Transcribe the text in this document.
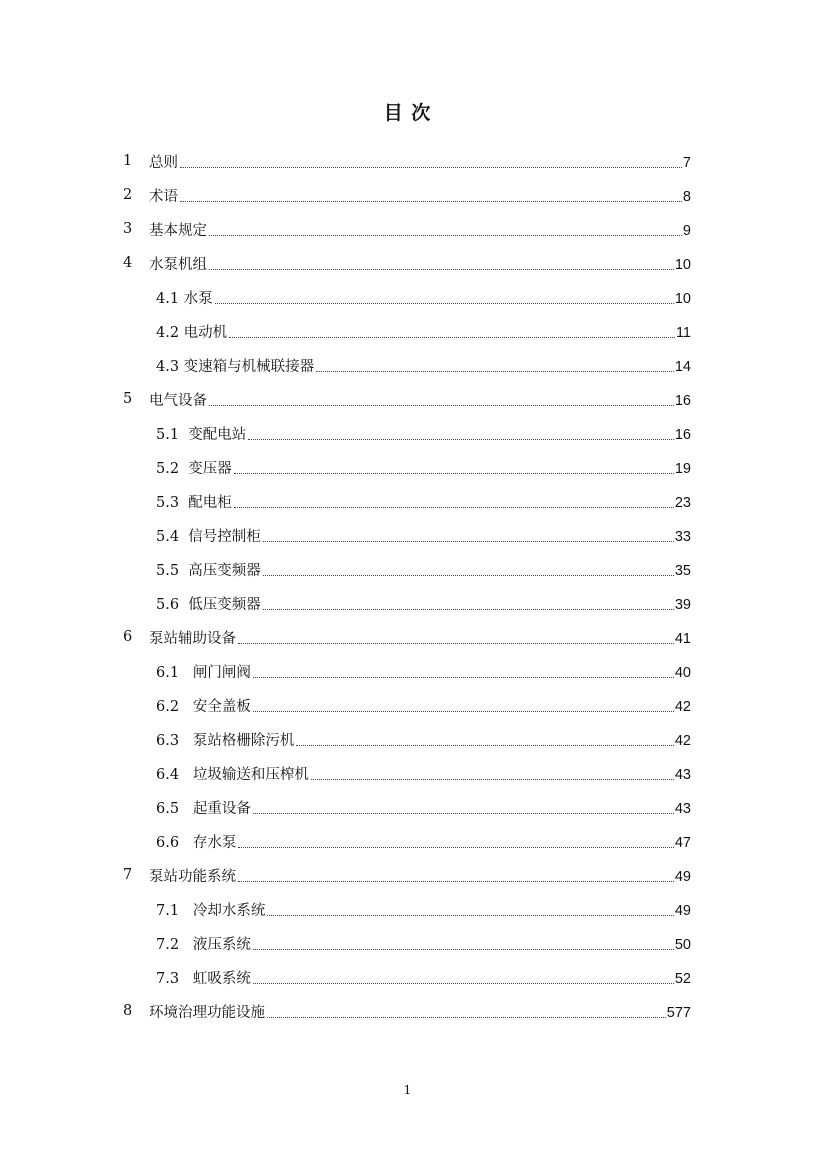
目 次
1 总则	7
2 术语	8
3 基本规定	9
4 水泵机组	10
4.1 水泵	10
4.2 电动机	11
4.3 变速箱与机械联接器	14
5 电气设备	16
5.1  变配电站	16
5.2  变压器	19
5.3  配电柜	23
5.4  信号控制柜	33
5.5  高压变频器	35
5.6  低压变频器	39
6 泵站辅助设备	41
6.1   闸门闸阀	40
6.2   安全盖板	42
6.3   泵站格栅除污机	42
6.4   垃圾输送和压榨机	43
6.5   起重设备	43
6.6   存水泵	47
7 泵站功能系统	49
7.1   冷却水系统	49
7.2   液压系统	50
7.3   虹吸系统	52
8 环境治理功能设施	577
1
